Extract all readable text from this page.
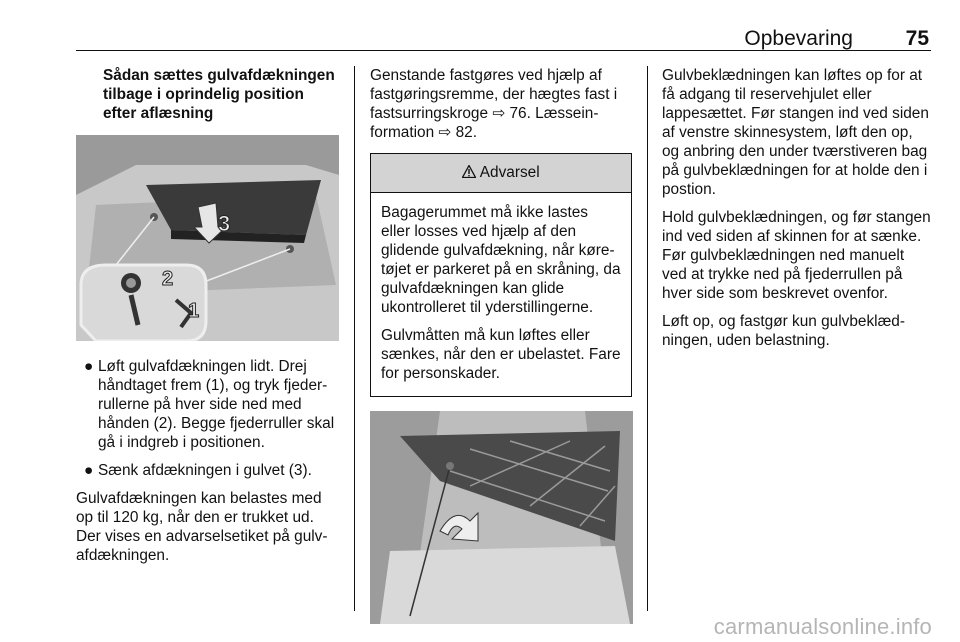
Opbevaring	75
Sådan sættes gulvafdækningen tilbage i oprindelig position efter aflæsning
3
2
1
● Løft gulvafdækningen lidt. Drej håndtaget frem (1), og tryk fjederrullerne på hver side ned med hånden (2). Begge fjederruller skal gå i indgreb i positionen.
● Sænk afdækningen i gulvet (3).

Gulvafdækningen kan belastes med op til 120 kg, når den er trukket ud. Der vises en advarselsetiket på gulvafdækningen.

Genstande fastgøres ved hjælp af fastgøringsremme, der hægtes fast i fastsurringskroge ⇨ 76. Læsseinformation ⇨ 82.

Advarsel

Bagagerummet må ikke lastes eller losses ved hjælp af den glidende gulvafdækning, når køretøjet er parkeret på en skråning, da gulvafdækningen kan glide ukontrolleret til yderstillingerne.

Gulvmåtten må kun løftes eller sænkes, når den er ubelastet. Fare for personskader.

Gulvbeklædningen kan løftes op for at få adgang til reservehjulet eller lappesættet. Før stangen ind ved siden af venstre skinnesystem, løft den op, og anbring den under tværstiveren bag på gulvbeklædningen for at holde den i postion.

Hold gulvbeklædningen, og før stangen ind ved siden af skinnen for at sænke. Før gulvbeklædningen ned manuelt ved at trykke ned på fjederrullen på hver side som beskrevet ovenfor.

Løft op, og fastgør kun gulvbeklædningen, uden belastning.

carmanualsonline.info
